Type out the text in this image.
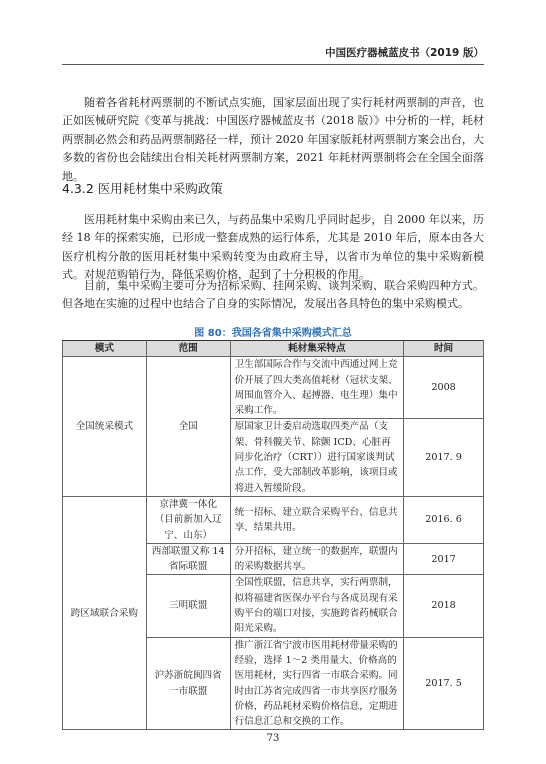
中国医疗器械蓝皮书（2019 版）

随着各省耗材两票制的不断试点实施，国家层面出现了实行耗材两票制的声音，也正如医械研究院《变革与挑战：中国医疗器械蓝皮书（2018 版）》中分析的一样，耗材两票制必然会和药品两票制路径一样，预计 2020 年国家版耗材两票制方案会出台，大多数的省份也会陆续出台相关耗材两票制方案，2021 年耗材两票制将会在全国全面落地。

4.3.2 医用耗材集中采购政策

医用耗材集中采购由来已久，与药品集中采购几乎同时起步，自 2000 年以来，历经 18 年的探索实施，已形成一整套成熟的运行体系，尤其是 2010 年后，原本由各大医疗机构分散的医用耗材集中采购转变为由政府主导，以省市为单位的集中采购新模式。对规范购销行为，降低采购价格，起到了十分积极的作用。

目前，集中采购主要可分为招标采购、挂网采购、谈判采购、联合采购四种方式。但各地在实施的过程中也结合了自身的实际情况，发展出各具特色的集中采购模式。

图 80：我国各省集中采购模式汇总
模式	范围	耗材集采特点	时间
全国统采模式	全国	卫生部国际合作与交流中西通过网上竞价开展了四大类高值耗材（冠状支架、周围血管介入、起搏器、电生理）集中采购工作。	2008
		原国家卫计委启动选取四类产品（支架、骨科髋关节、除颤 ICD、心脏再同步化治疗（CRT））进行国家谈判试点工作，受大部制改革影响，该项目或将进入暂缓阶段。	2017. 9
跨区域联合采购	京津冀一体化（目前新加入辽宁、山东）	统一招标、建立联合采购平台、信息共享、结果共用。	2016. 6
	西部联盟又称 14 省际联盟	分开招标，建立统一的数据库，联盟内的采购数据共享。	2017
	三明联盟	全国性联盟，信息共享，实行两票制，拟将福建省医保办平台与各成员现有采购平台的端口对接，实施跨省药械联合阳光采购。	2018
	沪苏浙皖闽四省一市联盟	推广浙江省宁波市医用耗材带量采购的经验，选择 1～2 类用量大、价格高的医用耗材，实行四省一市联合采购。同时由江苏省完成四省一市共享医疗服务价格，药品耗材采购价格信息，定期进行信息汇总和交换的工作。	2017. 5
73
